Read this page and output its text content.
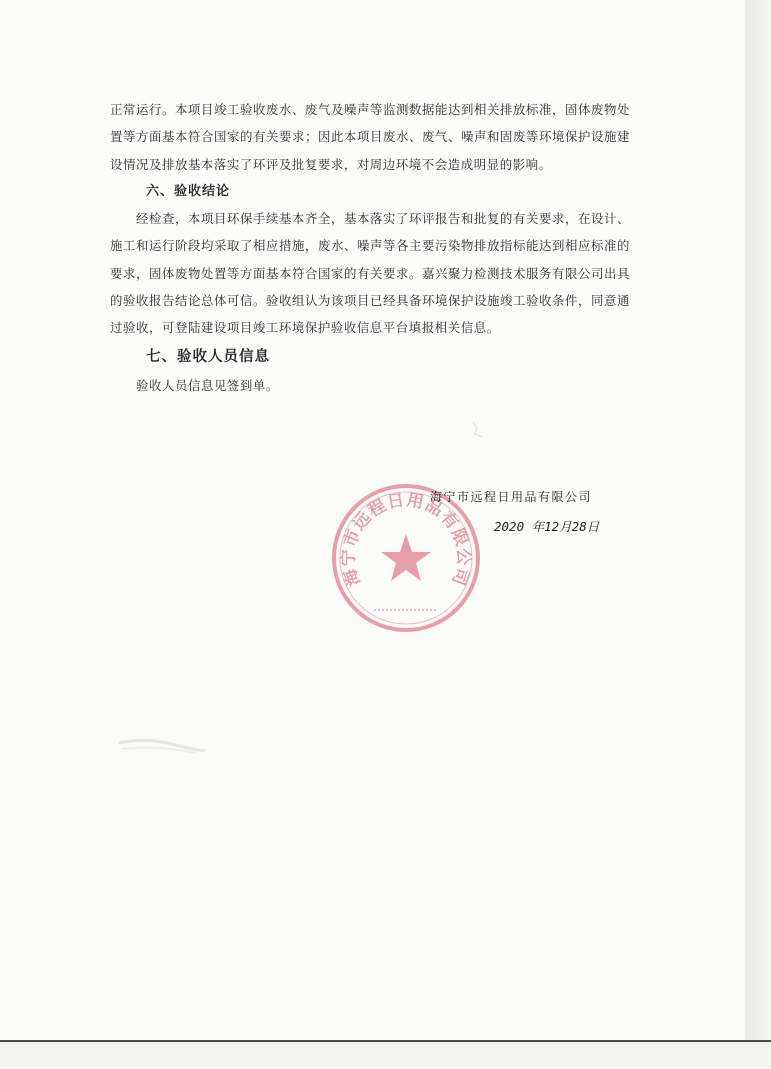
正常运行。本项目竣工验收废水、废气及噪声等监测数据能达到相关排放标准，固体废物处置等方面基本符合国家的有关要求；因此本项目废水、废气、噪声和固废等环境保护设施建设情况及排放基本落实了环评及批复要求，对周边环境不会造成明显的影响。

六、验收结论

经检查，本项目环保手续基本齐全，基本落实了环评报告和批复的有关要求，在设计、施工和运行阶段均采取了相应措施，废水、噪声等各主要污染物排放指标能达到相应标准的要求，固体废物处置等方面基本符合国家的有关要求。嘉兴聚力检测技术服务有限公司出具的验收报告结论总体可信。验收组认为该项目已经具备环境保护设施竣工验收条件，同意通过验收，可登陆建设项目竣工环境保护验收信息平台填报相关信息。

七、验收人员信息

验收人员信息见签到单。

海宁市远程日用品有限公司
海宁市远程日用品有限公司
2020 年12月28日
